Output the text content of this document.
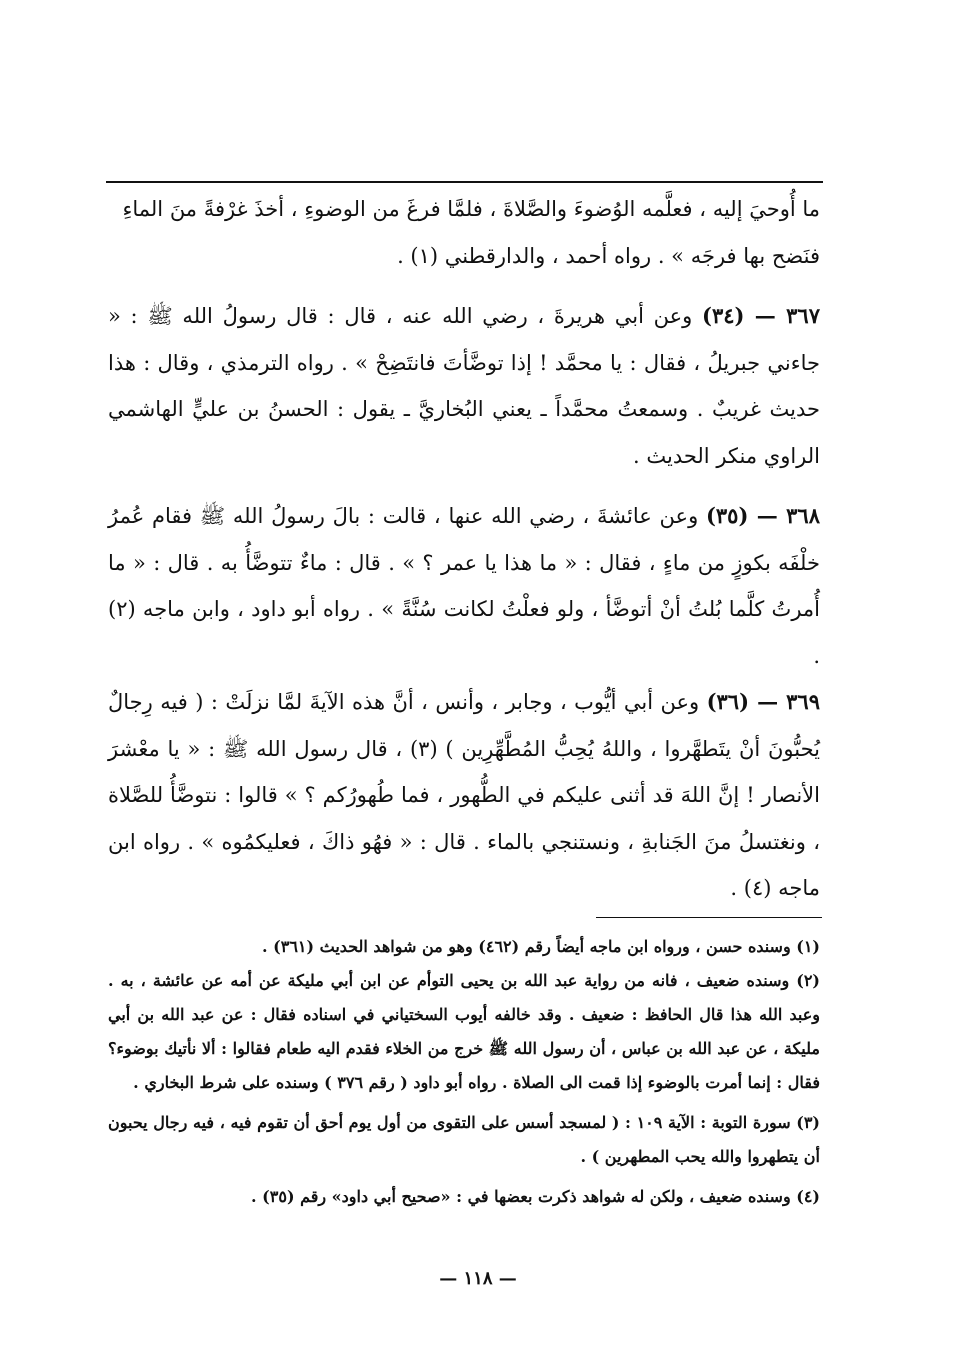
ما أُوحيَ إليه ، فعلَّمه الوُضوءَ والصَّلاةَ ، فلمَّا فرغَ من الوضوءِ ، أخذَ غرْفةً منَ الماءِ

فنَضح بها فرجَه » . رواه أحمد ، والدارقطني (١) .

٣٦٧ — (٣٤) وعن أبي هريرةَ ، رضي الله عنه ، قال : قال رسولُ الله ﷺ : « جاءني جبريلُ ، فقال : يا محمَّد ! إذا توضَّأتَ فانتَضِحْ » . رواه الترمذي ، وقال : هذا حديث غريبٌ . وسمعتُ محمَّداً ـ يعني البُخاريَّ ـ يقول : الحسنُ بن عليٍّ الهاشمي الراوي منكر الحديث .

٣٦٨ — (٣٥) وعن عائشةَ ، رضي الله عنها ، قالت : بالَ رسولُ الله ﷺ فقام عُمرُ خلْفَه بكوزٍ من ماءٍ ، فقال : « ما هذا يا عمر ؟ » . قال : ماءٌ تتوضَّأُ به . قال : « ما أُمرتُ كلَّما بُلتُ أنْ أتوضَّأ ، ولو فعلْتُ لكانت سُنَّةً » . رواه أبو داود ، وابن ماجه (٢) .

٣٦٩ — (٣٦) وعن أبي أيُّوب ، وجابر ، وأنس ، أنَّ هذه الآيةَ لمَّا نزلَتْ : ( فيه رِجالٌ يُحبُّونَ أنْ يتَطهَّروا ، واللهُ يُحِبُّ المُطَّهِّرِين ) (٣) ، قال رسول الله ﷺ : « يا معْشرَ الأنصار ! إنَّ اللهَ قد أثنى عليكم في الطُّهور ، فما طُهورُكم ؟ » قالوا : نتوضَّأُ للصَّلاة ، ونغتسلُ منَ الجَنابةِ ، ونستنجي بالماء . قال : « فهُو ذاكَ ، فعليكمُوه » . رواه ابن ماجه (٤) .

(١) وسنده حسن ، ورواه ابن ماجه أيضاً رقم (٤٦٢) وهو من شواهد الحديث (٣٦١) .

(٢) وسنده ضعيف ، فانه من رواية عبد الله بن يحيى التوأم عن ابن أبي مليكة عن أمه عن عائشة ، به . وعبد الله هذا قال الحافظ : ضعيف . وقد خالفه أيوب السختياني في اسناده فقال : عن عبد الله بن أبي مليكة ، عن عبد الله بن عباس ، أن رسول الله ﷺ خرج من الخلاء فقدم اليه طعام فقالوا : ألا نأتيك بوضوء؟ فقال : إنما أمرت بالوضوء إذا قمت الى الصلاة . رواه أبو داود ( رقم ٣٧٦ ) وسنده على شرط البخاري .

(٣) سورة التوبة : الآية ١٠٩ : ( لمسجد أسس على التقوى من أول يوم أحق أن تقوم فيه ، فيه رجال يحبون أن يتطهروا والله يحب المطهرين ) .

(٤) وسنده ضعيف ، ولكن له شواهد ذكرت بعضها في : «صحيح أبي داود» رقم (٣٥) .

— ١١٨ —
